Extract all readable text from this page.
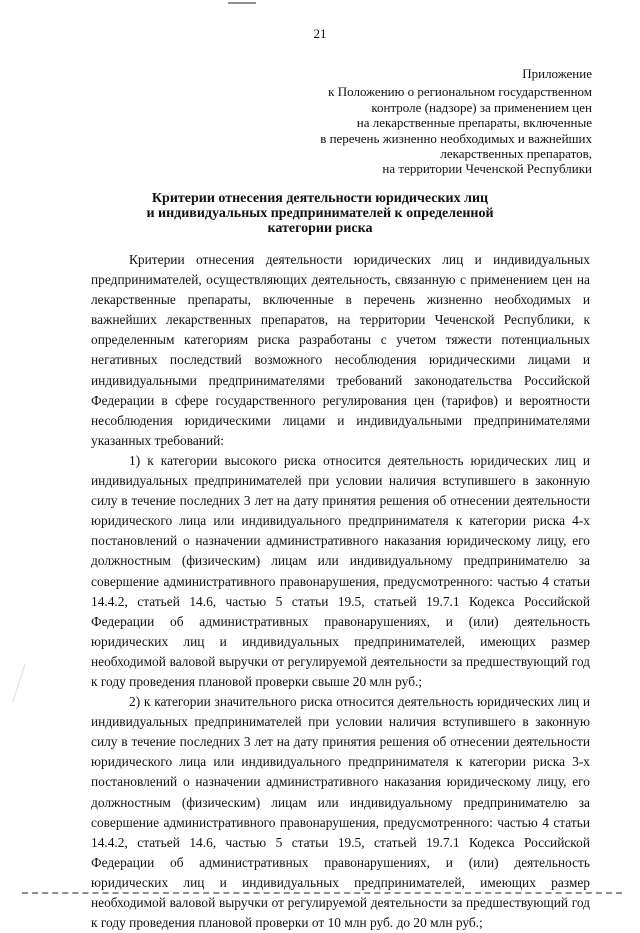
21
Приложение
к Положению о региональном государственном
контроле (надзоре) за применением цен
на лекарственные препараты, включенные
в перечень жизненно необходимых и важнейших
лекарственных препаратов,
на территории Чеченской Республики
Критерии отнесения деятельности юридических лиц
и индивидуальных предпринимателей к определенной
категории риска

Критерии отнесения деятельности юридических лиц и индивидуальных предпринимателей, осуществляющих деятельность, связанную с применением цен на лекарственные препараты, включенные в перечень жизненно необходимых и важнейших лекарственных препаратов, на территории Чеченской Республики, к определенным категориям риска разработаны с учетом тяжести потенциальных негативных последствий возможного несоблюдения юридическими лицами и индивидуальными предпринимателями требований законодательства Российской Федерации в сфере государственного регулирования цен (тарифов) и вероятности несоблюдения юридическими лицами и индивидуальными предпринимателями указанных требований:

1) к категории высокого риска относится деятельность юридических лиц и индивидуальных предпринимателей при условии наличия вступившего в законную силу в течение последних 3 лет на дату принятия решения об отнесении деятельности юридического лица или индивидуального предпринимателя к категории риска 4-х постановлений о назначении административного наказания юридическому лицу, его должностным (физическим) лицам или индивидуальному предпринимателю за совершение административного правонарушения, предусмотренного: частью 4 статьи 14.4.2, статьей 14.6, частью 5 статьи 19.5, статьей 19.7.1 Кодекса Российской Федерации об административных правонарушениях, и (или) деятельность юридических лиц и индивидуальных предпринимателей, имеющих размер необходимой валовой выручки от регулируемой деятельности за предшествующий год к году проведения плановой проверки свыше 20 млн руб.;

2) к категории значительного риска относится деятельность юридических лиц и индивидуальных предпринимателей при условии наличия вступившего в законную силу в течение последних 3 лет на дату принятия решения об отнесении деятельности юридического лица или индивидуального предпринимателя к категории риска 3-х постановлений о назначении административного наказания юридическому лицу, его должностным (физическим) лицам или индивидуальному предпринимателю за совершение административного правонарушения, предусмотренного: частью 4 статьи 14.4.2, статьей 14.6, частью 5 статьи 19.5, статьей 19.7.1 Кодекса Российской Федерации об административных правонарушениях, и (или) деятельность юридических лиц и индивидуальных предпринимателей, имеющих размер необходимой валовой выручки от регулируемой деятельности за предшествующий год к году проведения плановой проверки от 10 млн руб. до 20 млн руб.;
